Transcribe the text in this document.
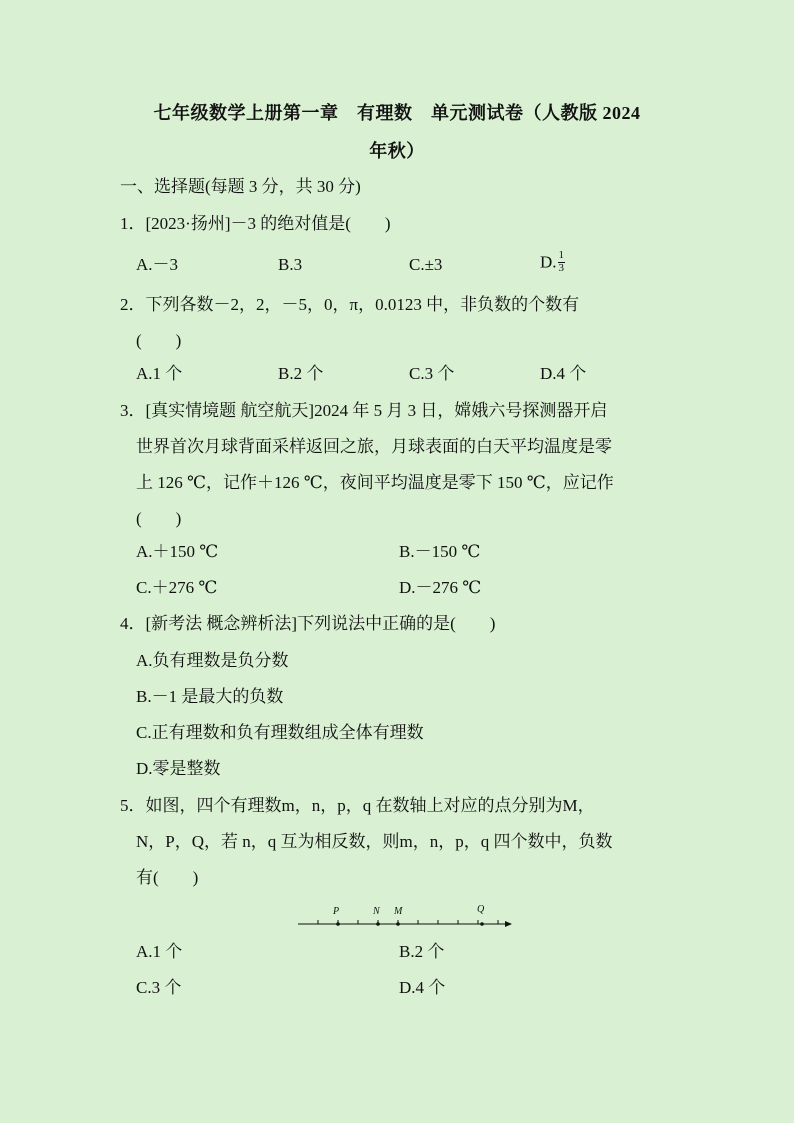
七年级数学上册第一章　有理数　单元测试卷（人教版 2024
年秋）
一、选择题(每题 3 分，共 30 分)
1．[2023·扬州]－3 的绝对值是(　　)
A.－3	B.3	C.±3	D. $\frac{1}{3}$
2．下列各数－2，2，－5，0，π，0.0123 中，非负数的个数有
(　　)
A.1 个	B.2 个	C.3 个	D.4 个
3．[真实情境题 航空航天]2024 年 5 月 3 日，嫦娥六号探测器开启
世界首次月球背面采样返回之旅，月球表面的白天平均温度是零
上 126 ℃，记作＋126 ℃，夜间平均温度是零下 150 ℃，应记作
(　　)
A.＋150 ℃	B.－150 ℃
C.＋276 ℃	D.－276 ℃
4．[新考法 概念辨析法]下列说法中正确的是(　　)
A.负有理数是负分数
B.－1 是最大的负数
C.正有理数和负有理数组成全体有理数
D.零是整数
5．如图，四个有理数m，n，p，q 在数轴上对应的点分别为M，
N，P，Q，若 n，q 互为相反数，则m，n，p，q 四个数中，负数
有(　　)
P	N M	Q
A.1 个	B.2 个
C.3 个	D.4 个
